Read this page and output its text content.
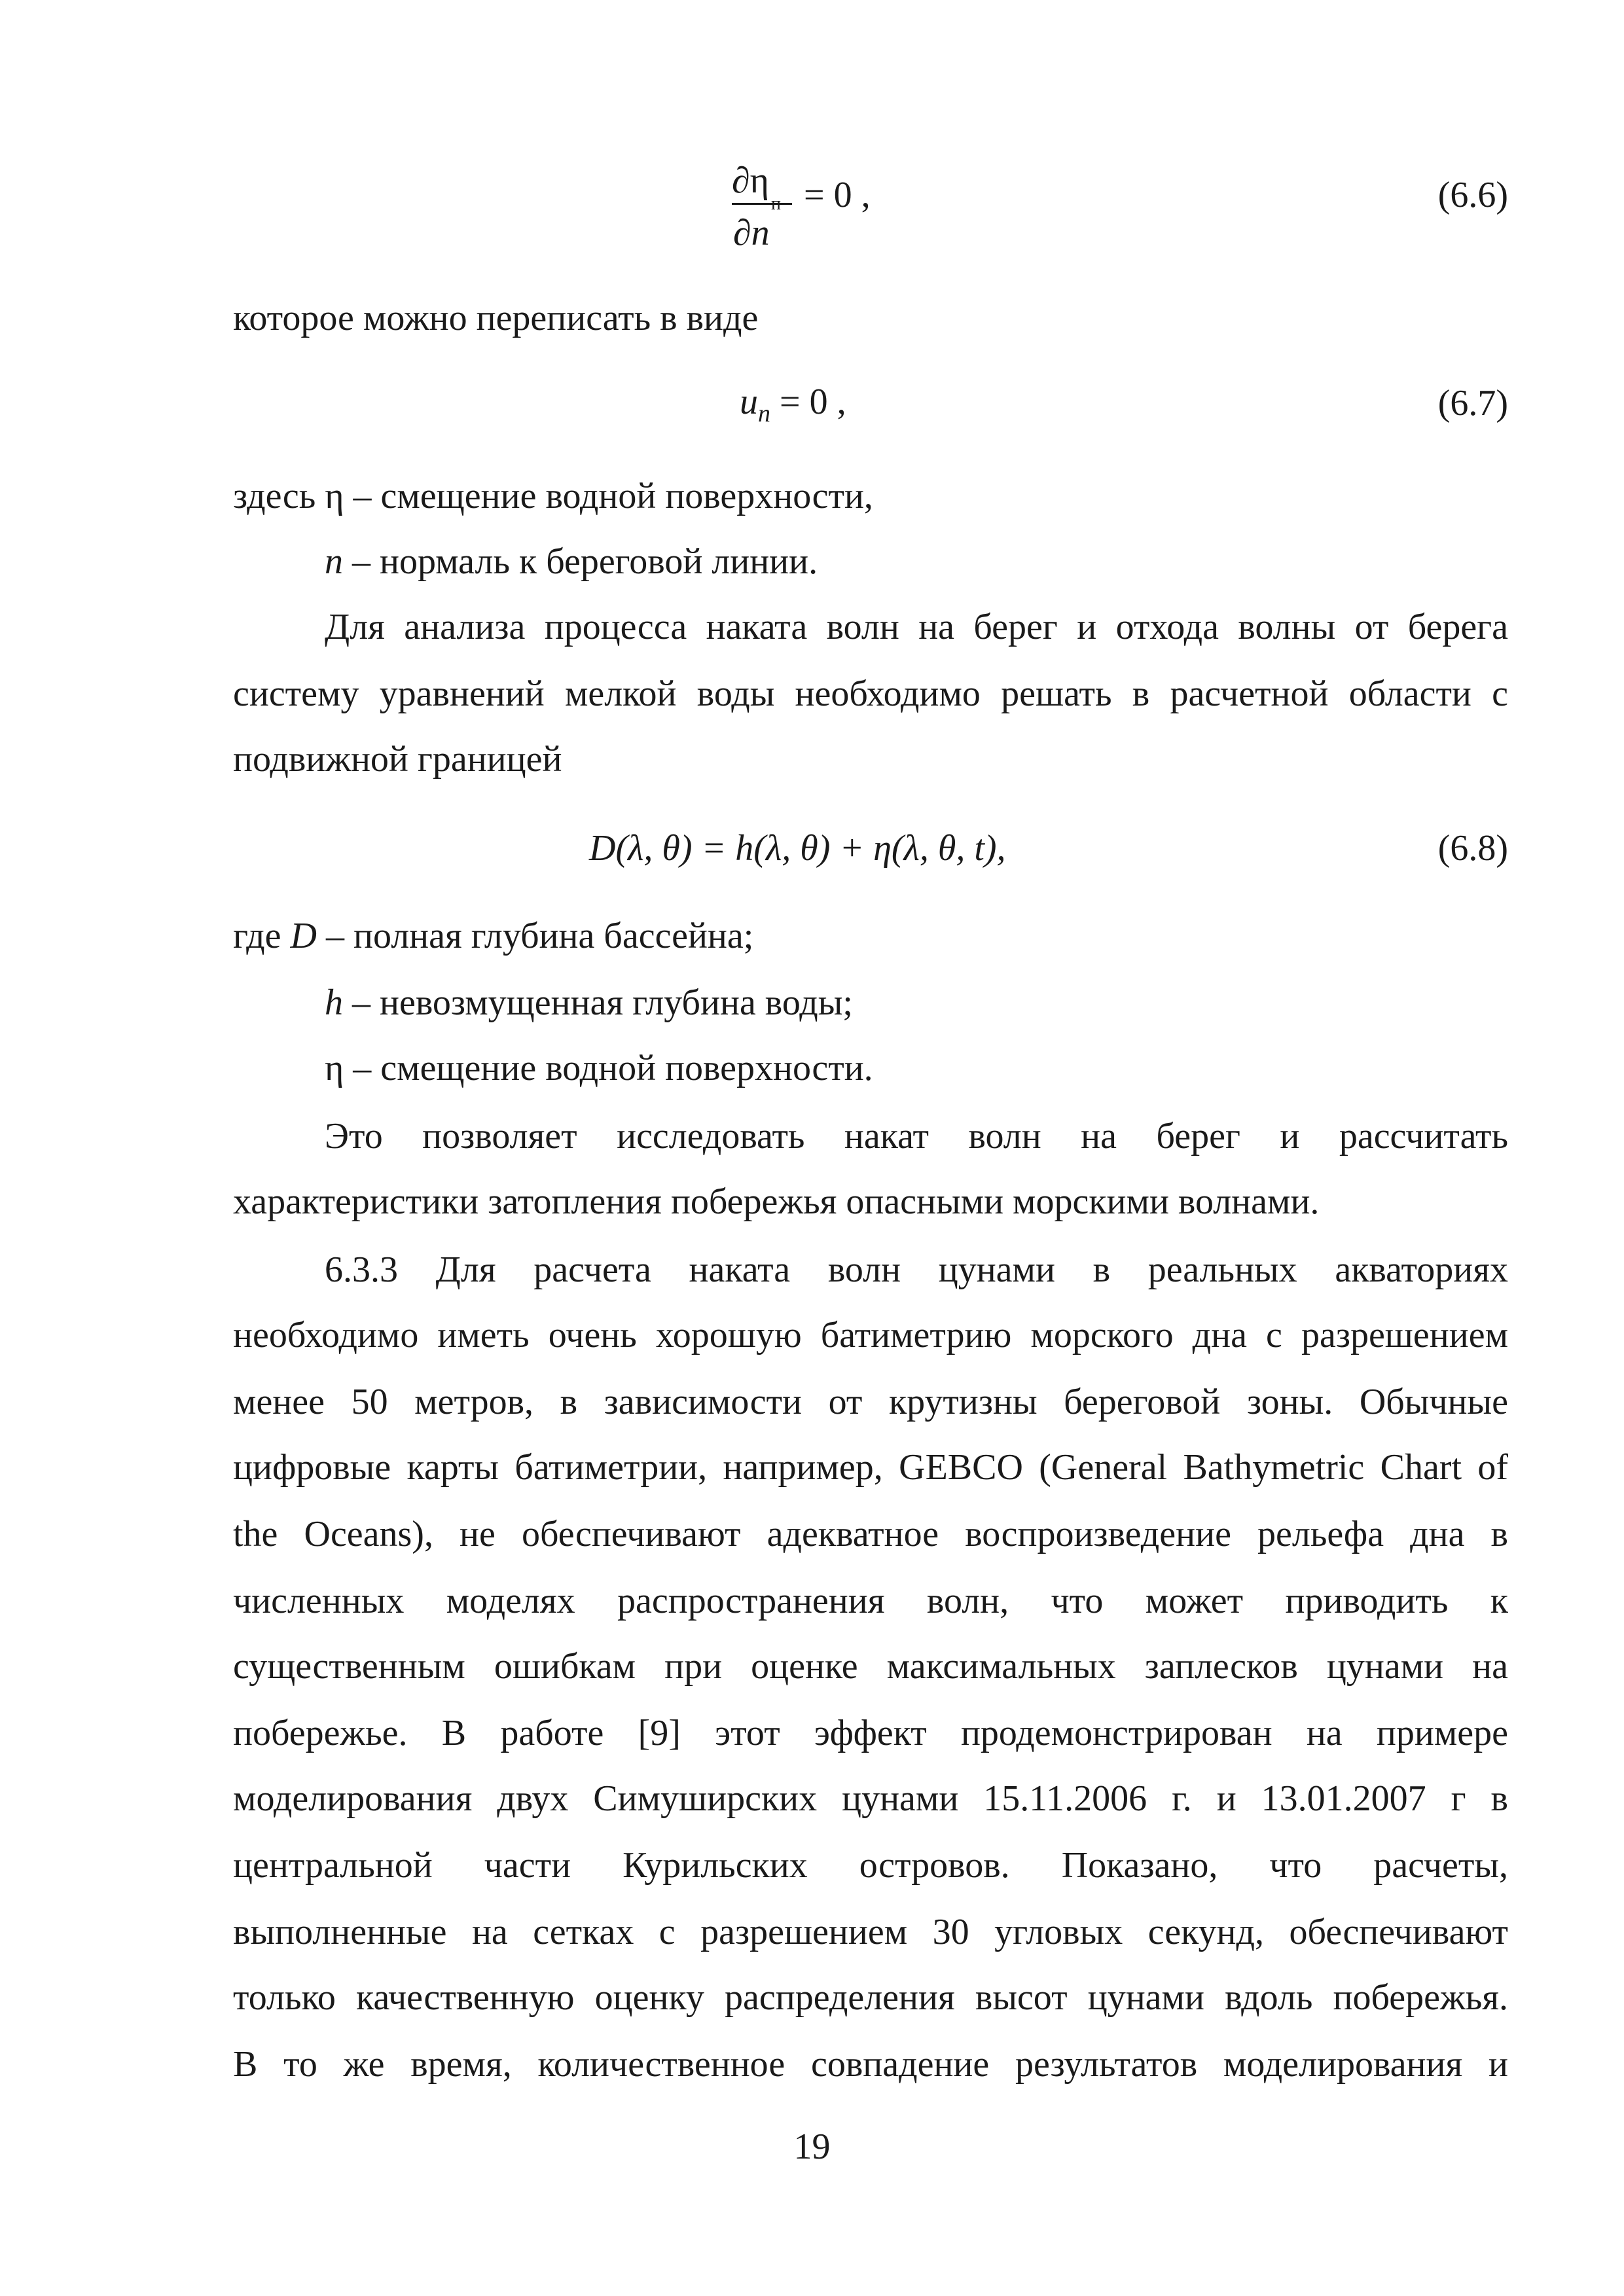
∂η
∂n
= 0 ,	(6.6)
которое можно переписать в виде
$u_n = 0$ ,	(6.7)
здесь η – смещение водной поверхности,
n – нормаль к береговой линии.
Для анализа процесса наката волн на берег и отхода волны от берега
систему уравнений мелкой воды необходимо решать в расчетной области с
подвижной границей
D(λ, θ) = h(λ, θ) + η(λ, θ, t),	(6.8)
где D – полная глубина бассейна;
h – невозмущенная глубина воды;
η – смещение водной поверхности.
Это позволяет исследовать накат волн на берег и рассчитать
характеристики затопления побережья опасными морскими волнами.
6.3.3 Для расчета наката волн цунами в реальных акваториях
необходимо иметь очень хорошую батиметрию морского дна с разрешением
менее 50 метров, в зависимости от крутизны береговой зоны. Обычные
цифровые карты батиметрии, например, GEBCO (General Bathymetric Chart of
the Oceans), не обеспечивают адекватное воспроизведение рельефа дна в
численных моделях распространения волн, что может приводить к
существенным ошибкам при оценке максимальных заплесков цунами на
побережье. В работе [9] этот эффект продемонстрирован на примере
моделирования двух Симуширских цунами 15.11.2006 г. и 13.01.2007 г в
центральной части Курильских островов. Показано, что расчеты,
выполненные на сетках с разрешением 30 угловых секунд, обеспечивают
только качественную оценку распределения высот цунами вдоль побережья.
В то же время, количественное совпадение результатов моделирования и
19
